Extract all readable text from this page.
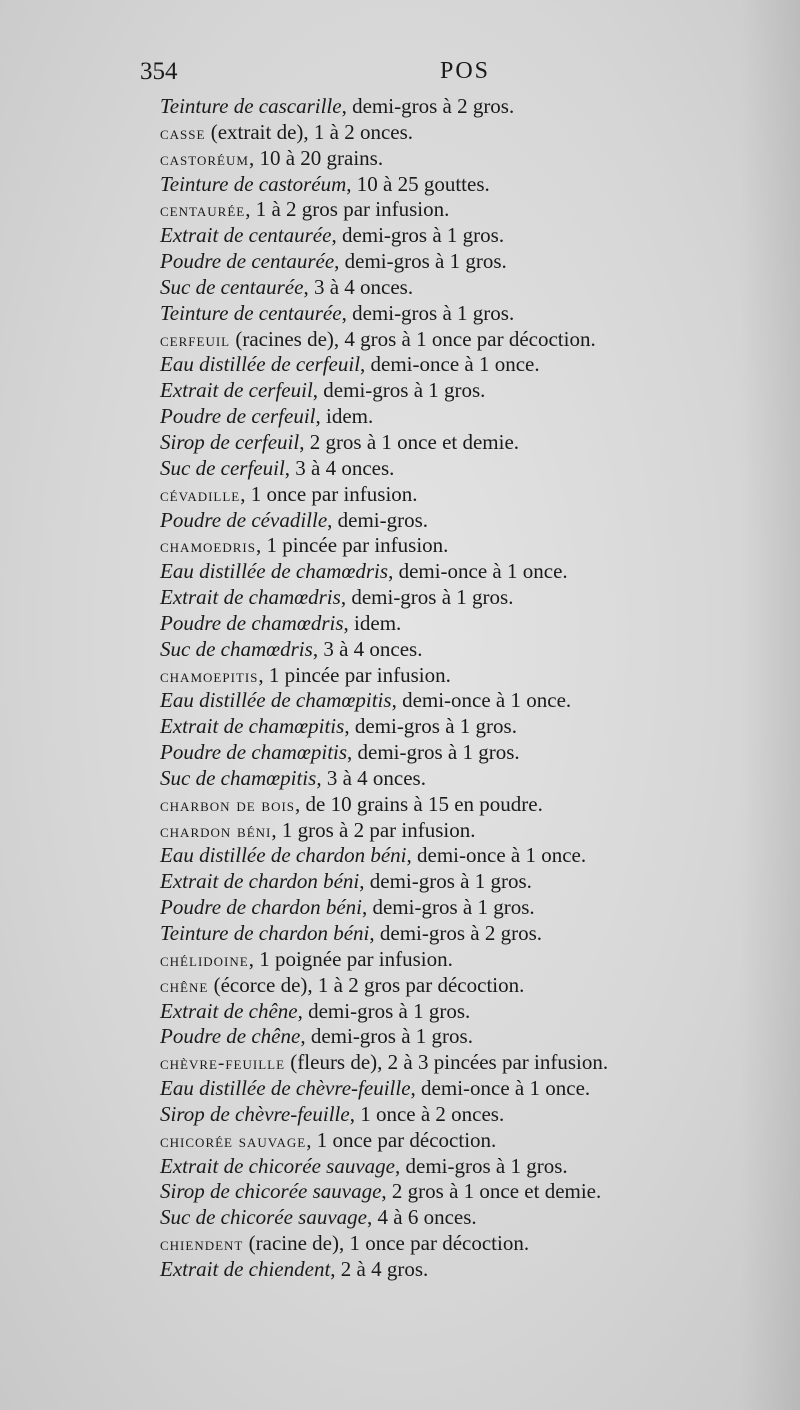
354	POS
Teinture de cascarille, demi-gros à 2 gros.
casse (extrait de), 1 à 2 onces.
castoréum, 10 à 20 grains.
Teinture de castoréum, 10 à 25 gouttes.
centaurée, 1 à 2 gros par infusion.
Extrait de centaurée, demi-gros à 1 gros.
Poudre de centaurée, demi-gros à 1 gros.
Suc de centaurée, 3 à 4 onces.
Teinture de centaurée, demi-gros à 1 gros.
cerfeuil (racines de), 4 gros à 1 once par décoction.
Eau distillée de cerfeuil, demi-once à 1 once.
Extrait de cerfeuil, demi-gros à 1 gros.
Poudre de cerfeuil, idem.
Sirop de cerfeuil, 2 gros à 1 once et demie.
Suc de cerfeuil, 3 à 4 onces.
cévadille, 1 once par infusion.
Poudre de cévadille, demi-gros.
chamoedris, 1 pincée par infusion.
Eau distillée de chamœdris, demi-once à 1 once.
Extrait de chamœdris, demi-gros à 1 gros.
Poudre de chamœdris, idem.
Suc de chamœdris, 3 à 4 onces.
chamoepitis, 1 pincée par infusion.
Eau distillée de chamœpitis, demi-once à 1 once.
Extrait de chamœpitis, demi-gros à 1 gros.
Poudre de chamœpitis, demi-gros à 1 gros.
Suc de chamœpitis, 3 à 4 onces.
charbon de bois, de 10 grains à 15 en poudre.
chardon béni, 1 gros à 2 par infusion.
Eau distillée de chardon béni, demi-once à 1 once.
Extrait de chardon béni, demi-gros à 1 gros.
Poudre de chardon béni, demi-gros à 1 gros.
Teinture de chardon béni, demi-gros à 2 gros.
chélidoine, 1 poignée par infusion.
chêne (écorce de), 1 à 2 gros par décoction.
Extrait de chêne, demi-gros à 1 gros.
Poudre de chêne, demi-gros à 1 gros.
chèvre-feuille (fleurs de), 2 à 3 pincées par infusion.
Eau distillée de chèvre-feuille, demi-once à 1 once.
Sirop de chèvre-feuille, 1 once à 2 onces.
chicorée sauvage, 1 once par décoction.
Extrait de chicorée sauvage, demi-gros à 1 gros.
Sirop de chicorée sauvage, 2 gros à 1 once et demie.
Suc de chicorée sauvage, 4 à 6 onces.
chiendent (racine de), 1 once par décoction.
Extrait de chiendent, 2 à 4 gros.
